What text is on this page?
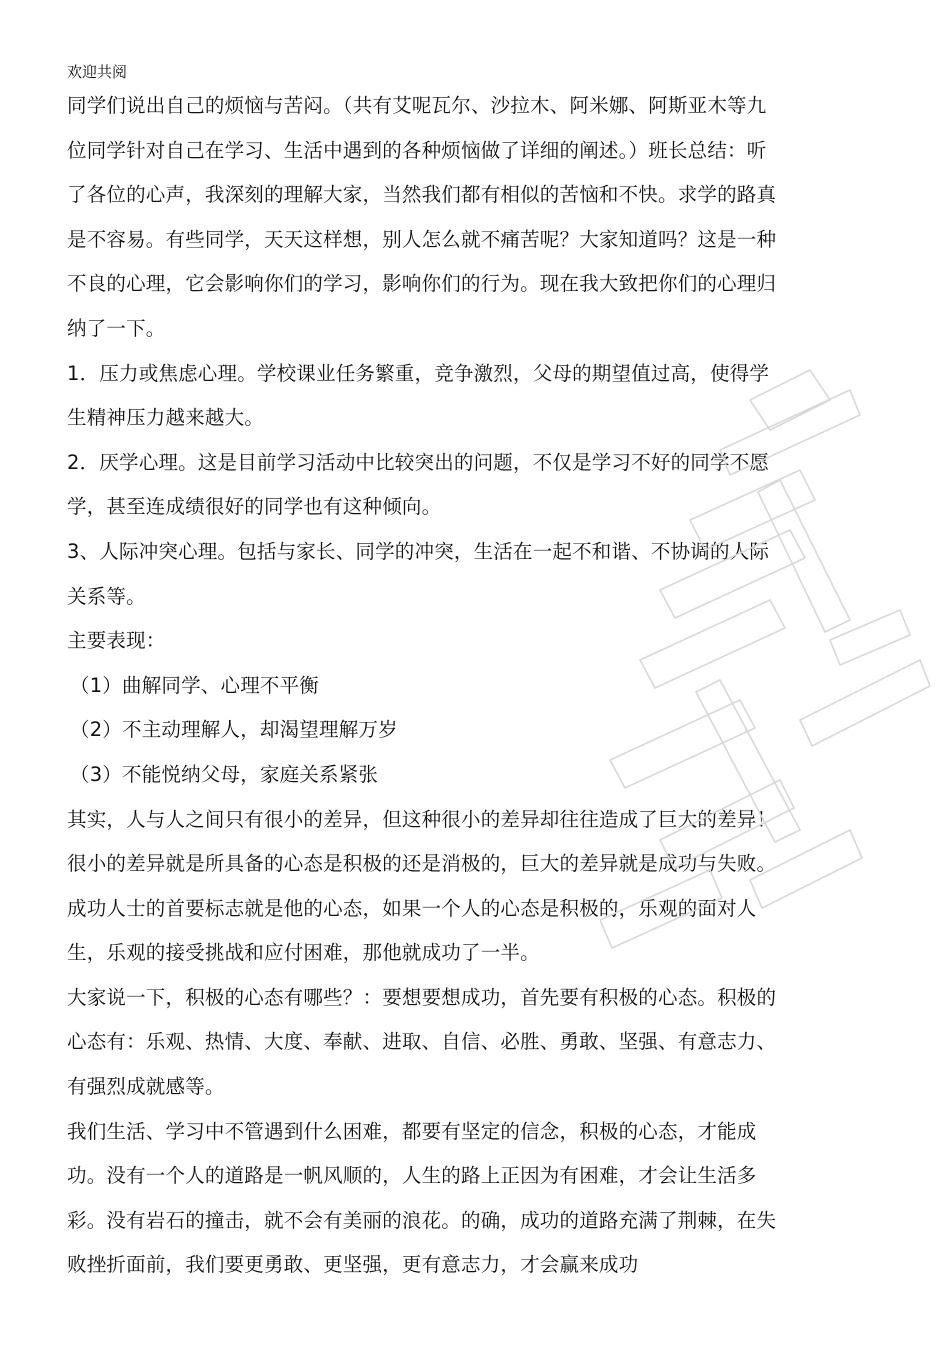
欢迎共阅

同学们说出自己的烦恼与苦闷。（共有艾呢瓦尔、沙拉木、阿米娜、阿斯亚木等九

位同学针对自己在学习、生活中遇到的各种烦恼做了详细的阐述。）班长总结：听

了各位的心声，我深刻的理解大家，当然我们都有相似的苦恼和不快。求学的路真

是不容易。有些同学，天天这样想，别人怎么就不痛苦呢？大家知道吗？这是一种

不良的心理，它会影响你们的学习，影响你们的行为。现在我大致把你们的心理归

纳了一下。

1．压力或焦虑心理。学校课业任务繁重，竞争激烈，父母的期望值过高，使得学

生精神压力越来越大。

2．厌学心理。这是目前学习活动中比较突出的问题，不仅是学习不好的同学不愿

学，甚至连成绩很好的同学也有这种倾向。

3、人际冲突心理。包括与家长、同学的冲突，生活在一起不和谐、不协调的人际

关系等。

主要表现：

（1）曲解同学、心理不平衡

（2）不主动理解人，却渴望理解万岁

（3）不能悦纳父母，家庭关系紧张

其实，人与人之间只有很小的差异，但这种很小的差异却往往造成了巨大的差异！

很小的差异就是所具备的心态是积极的还是消极的，巨大的差异就是成功与失败。

成功人士的首要标志就是他的心态，如果一个人的心态是积极的，乐观的面对人

生，乐观的接受挑战和应付困难，那他就成功了一半。

大家说一下，积极的心态有哪些？：要想要想成功，首先要有积极的心态。积极的

心态有：乐观、热情、大度、奉献、进取、自信、必胜、勇敢、坚强、有意志力、

有强烈成就感等。

我们生活、学习中不管遇到什么困难，都要有坚定的信念，积极的心态，才能成

功。没有一个人的道路是一帆风顺的，人生的路上正因为有困难，才会让生活多

彩。没有岩石的撞击，就不会有美丽的浪花。的确，成功的道路充满了荆棘，在失

败挫折面前，我们要更勇敢、更坚强，更有意志力，才会赢来成功
